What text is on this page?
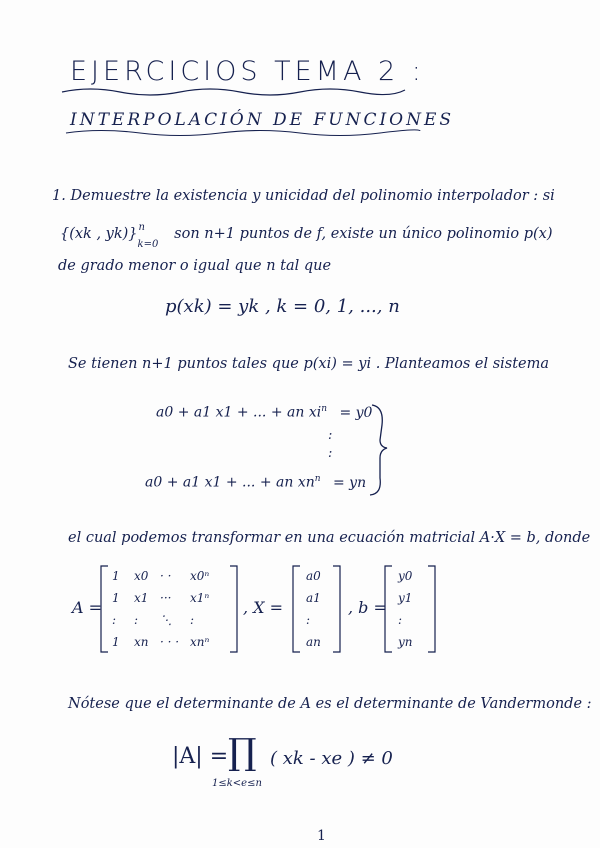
EJERCICIOS TEMA 2 :
INTERPOLACIÓN DE FUNCIONES
1. Demuestre la existencia y unicidad del polinomio interpolador : si
{(xk , yk)} n
k=0
son n+1 puntos de f, existe un único polinomio p(x)
de grado menor o igual que n tal que
p(xk) = yk , k = 0, 1, ..., n
Se tienen n+1 puntos tales que p(xi) = yi . Planteamos el sistema
a0 + a1 x1 + ... + an $xi^n = y0$
:
:
a0 + a1 x1 + ... + an $xn^n$ = yn
el cual podemos transformar en una ecuación matricial A·X = b, donde
A =
1	x0 · ·	x0ⁿ
1	x1 ···	x1ⁿ
:	:	⋱	:
1	xn · · · xnⁿ
, X =
a0
a1
:
an
, b =
y0
y1
:
yn
Nótese que el determinante de A es el determinante de Vandermonde :
|A| = ∏ ( xk - xe ) ≠ 0
1≤k<e≤n
1
